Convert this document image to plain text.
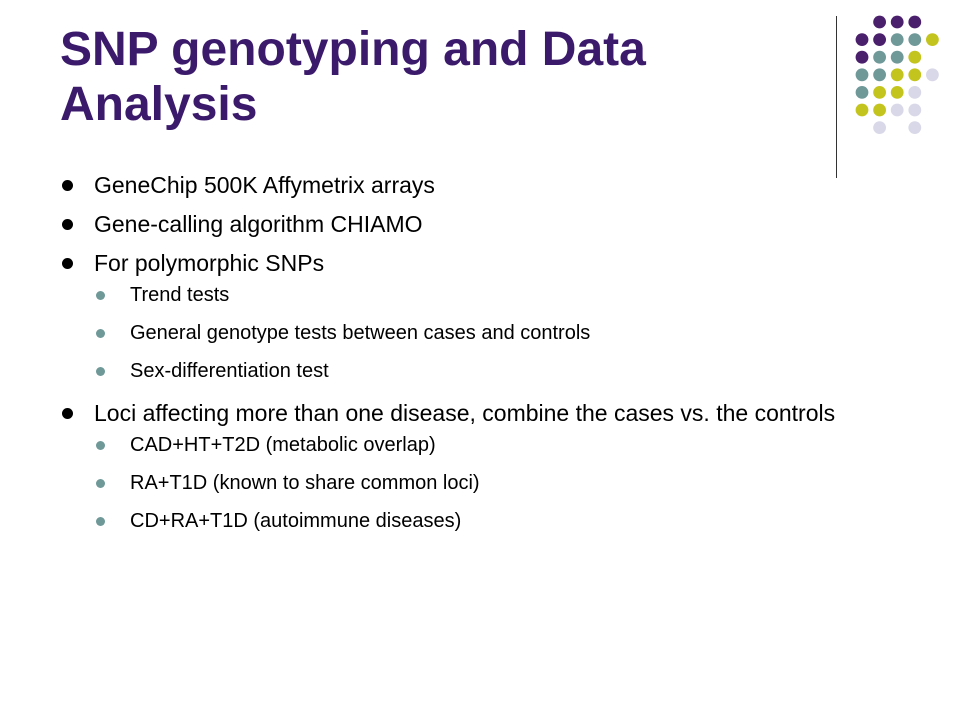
SNP genotyping and Data Analysis
GeneChip 500K Affymetrix arrays
Gene-calling algorithm CHIAMO
For polymorphic SNPs
Trend tests
General genotype tests between cases and controls
Sex-differentiation test
Loci affecting more than one disease, combine the cases vs. the controls
CAD+HT+T2D (metabolic overlap)
RA+T1D (known to share common loci)
CD+RA+T1D (autoimmune diseases)
